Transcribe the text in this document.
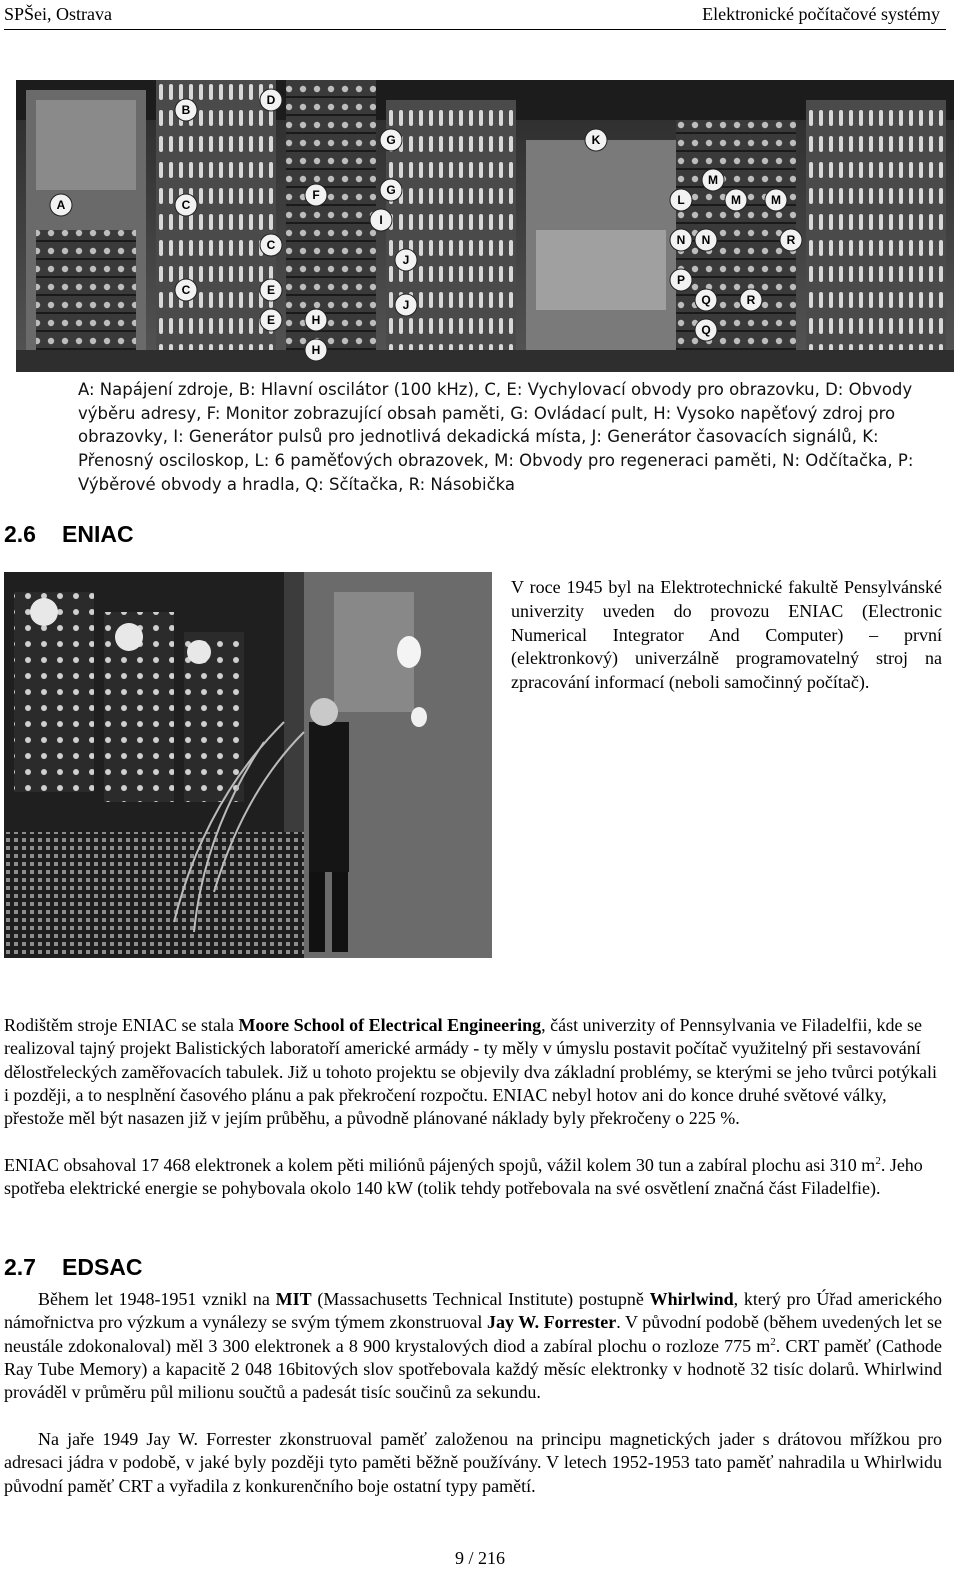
SPŠei, Ostrava	Elektronické počítačové systémy
A
B
C
D
E
F	G
H
I
J
K
L
M
N
P
Q
R
M
M
N
C
C
E
G
J	R
H
Q
A: Napájení zdroje, B: Hlavní oscilátor (100 kHz), C, E: Vychylovací obvody pro obrazovku, D: Obvody výběru adresy, F: Monitor zobrazující obsah paměti, G: Ovládací pult, H: Vysoko napěťový zdroj pro obrazovky, I: Generátor pulsů pro jednotlivá dekadická místa, J: Generátor časovacích signálů, K: Přenosný osciloskop, L: 6 paměťových obrazovek, M: Obvody pro regeneraci paměti, N: Odčítačka, P: Výběrové obvody a hradla, Q: Sčítačka, R: Násobička
2.6 ENIAC
V roce 1945 byl na Elektrotechnické fakultě Pensylvánské univerzity uveden do provozu ENIAC (Electronic Numerical Integrator And Computer) – první (elektronkový) univerzálně programovatelný stroj na zpracování informací (neboli samočinný počítač).
Rodištěm stroje ENIAC se stala Moore School of Electrical Engineering, část univerzity of Pennsylvania ve Filadelfii, kde se realizoval tajný projekt Balistických laboratoří americké armády - ty měly v úmyslu postavit počítač využitelný při sestavování dělostřeleckých zaměřovacích tabulek. Již u tohoto projektu se objevily dva základní problémy, se kterými se jeho tvůrci potýkali i později, a to nesplnění časového plánu a pak překročení rozpočtu. ENIAC nebyl hotov ani do konce druhé světové války, přestože měl být nasazen již v jejím průběhu, a původně plánované náklady byly překročeny o 225 %.
ENIAC obsahoval 17 468 elektronek a kolem pěti miliónů pájených spojů, vážil kolem 30 tun a zabíral plochu asi 310 $m^2$. Jeho spotřeba elektrické energie se pohybovala okolo 140 kW (tolik tehdy potřebovala na své osvětlení značná část Filadelfie).
2.7 EDSAC
Během let 1948-1951 vznikl na MIT (Massachusetts Technical Institute) postupně Whirlwind, který pro Úřad amerického námořnictva pro výzkum a vynálezy se svým týmem zkonstruoval Jay W. Forrester. V původní podobě (během uvedených let se neustále zdokonaloval) měl 3 300 elektronek a 8 900 krystalových diod a zabíral plochu o rozloze 775 $m^2$. CRT paměť (Cathode Ray Tube Memory) a kapacitě 2 048 16bitových slov spotřebovala každý měsíc elektronky v hodnotě 32 tisíc dolarů. Whirlwind prováděl v průměru půl milionu součtů a padesát tisíc součinů za sekundu.
Na jaře 1949 Jay W. Forrester zkonstruoval paměť založenou na principu magnetických jader s drátovou mřížkou pro adresaci jádra v podobě, v jaké byly později tyto paměti běžně používány. V letech 1952-1953 tato paměť nahradila u Whirlwidu původní paměť CRT a vyřadila z konkurenčního boje ostatní typy pamětí.
9 / 216
